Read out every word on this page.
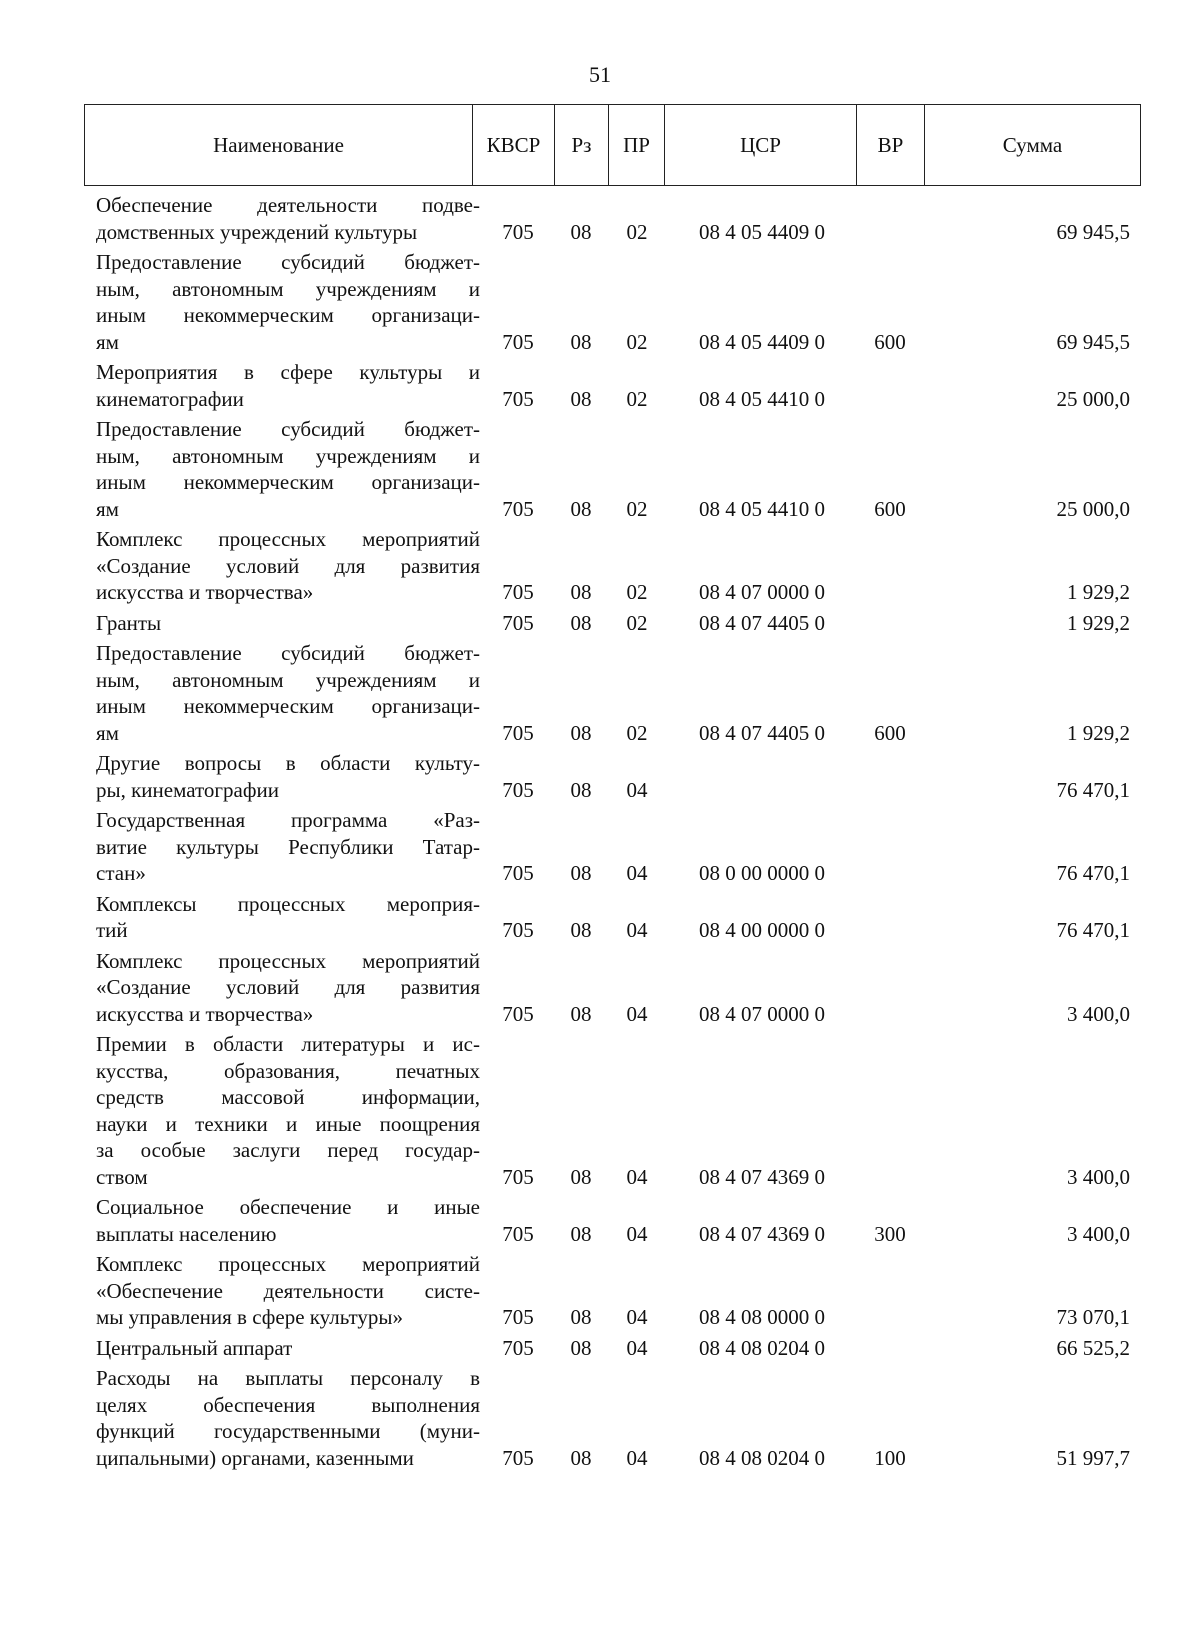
51
Наименование	КВСР	Рз	ПР	ЦСР	ВР	Сумма
Обеспечение деятельности подве-
домственных учреждений культуры	705	08	02	08 4 05 4409 0	69 945,5
Предоставление субсидий бюджет-
ным, автономным учреждениям и
иным некоммерческим организаци-
ям	705	08	02	08 4 05 4409 0	600	69 945,5
Мероприятия в сфере культуры и
кинематографии	705	08	02	08 4 05 4410 0	25 000,0
Предоставление субсидий бюджет-
ным, автономным учреждениям и
иным некоммерческим организаци-
ям	705	08	02	08 4 05 4410 0	600	25 000,0
Комплекс процессных мероприятий
«Создание условий для развития
искусства и творчества»	705	08	02	08 4 07 0000 0	1 929,2
Гранты	705	08	02	08 4 07 4405 0	1 929,2
Предоставление субсидий бюджет-
ным, автономным учреждениям и
иным некоммерческим организаци-
ям	705	08	02	08 4 07 4405 0	600	1 929,2
Другие вопросы в области культу-
ры, кинематографии	705	08	04	76 470,1
Государственная программа «Раз-
витие культуры Республики Татар-
стан»	705	08	04	08 0 00 0000 0	76 470,1
Комплексы процессных мероприя-
тий	705	08	04	08 4 00 0000 0	76 470,1
Комплекс процессных мероприятий
«Создание условий для развития
искусства и творчества»	705	08	04	08 4 07 0000 0	3 400,0
Премии в области литературы и ис-
кусства, образования, печатных
средств массовой информации,
науки и техники и иные поощрения
за особые заслуги перед государ-
ством	705	08	04	08 4 07 4369 0	3 400,0
Социальное обеспечение и иные
выплаты населению	705	08	04	08 4 07 4369 0	300	3 400,0
Комплекс процессных мероприятий
«Обеспечение деятельности систе-
мы управления в сфере культуры»	705	08	04	08 4 08 0000 0	73 070,1
Центральный аппарат	705	08	04	08 4 08 0204 0	66 525,2
Расходы на выплаты персоналу в
целях обеспечения выполнения
функций государственными (муни-
ципальными) органами, казенными	705	08	04	08 4 08 0204 0	100	51 997,7
